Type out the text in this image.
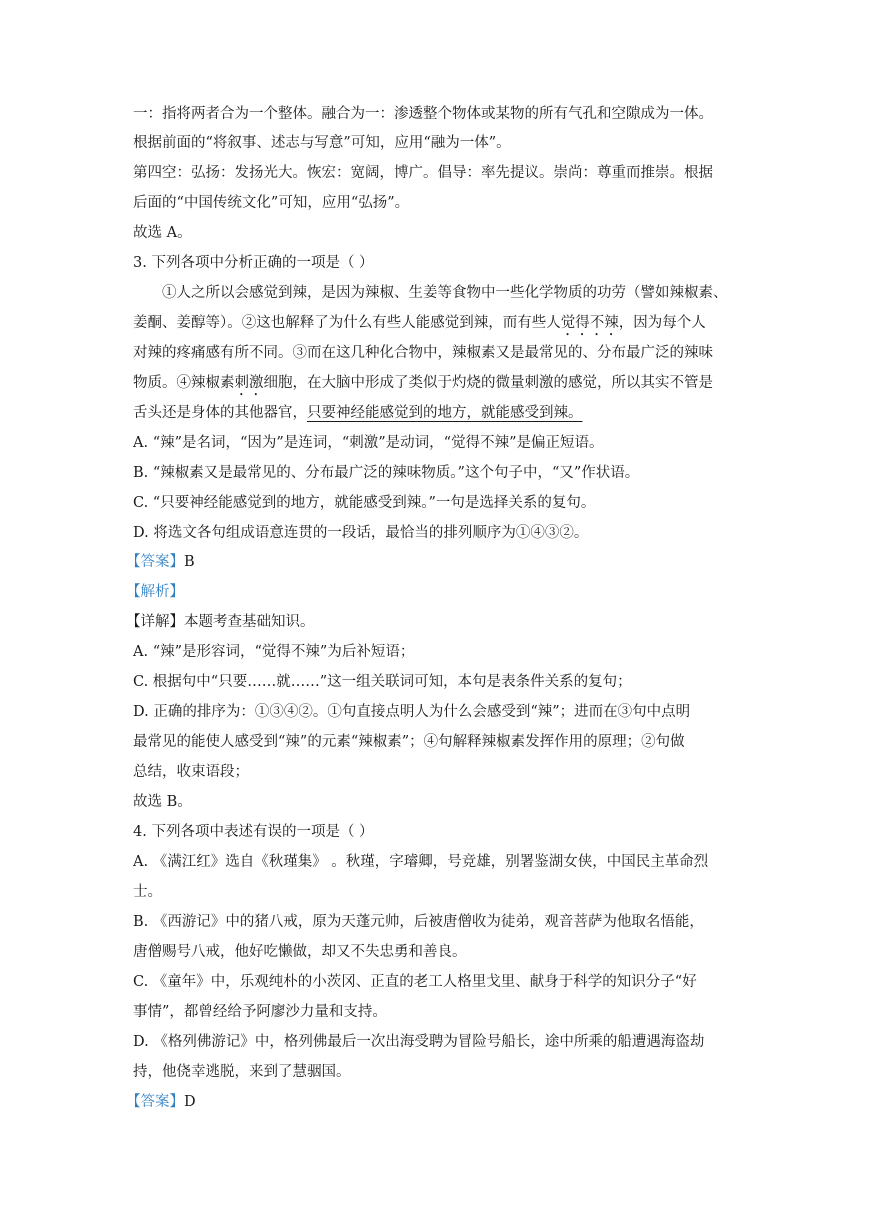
一：指将两者合为一个整体。融合为一：渗透整个物体或某物的所有气孔和空隙成为一体。
根据前面的“将叙事、述志与写意”可知，应用“融为一体”。
第四空：弘扬：发扬光大。恢宏：宽阔，博广。倡导：率先提议。崇尚：尊重而推崇。根据
后面的“中国传统文化”可知，应用“弘扬”。
故选 A。
3. 下列各项中分析正确的一项是（ ）
①人之所以会感觉到辣，是因为辣椒、生姜等食物中一些化学物质的功劳（譬如辣椒素、
姜酮、姜醇等）。②这也解释了为什么有些人能感觉到辣，而有些人觉得不辣，因为每个人
对辣的疼痛感有所不同。③而在这几种化合物中，辣椒素又是最常见的、分布最广泛的辣味
物质。④辣椒素刺激细胞，在大脑中形成了类似于灼烧的微量刺激的感觉，所以其实不管是
舌头还是身体的其他器官，只要神经能感觉到的地方，就能感受到辣。
A. “辣”是名词，“因为”是连词，“刺激”是动词，“觉得不辣”是偏正短语。
B. “辣椒素又是最常见的、分布最广泛的辣味物质。”这个句子中，“又”作状语。
C. “只要神经能感觉到的地方，就能感受到辣。”一句是选择关系的复句。
D. 将选文各句组成语意连贯的一段话，最恰当的排列顺序为①④③②。
【答案】B
【解析】
【详解】本题考查基础知识。
A. “辣”是形容词，“觉得不辣”为后补短语；
C. 根据句中“只要……就……”这一组关联词可知，本句是表条件关系的复句；
D. 正确的排序为：①③④②。①句直接点明人为什么会感受到“辣”；进而在③句中点明
最常见的能使人感受到“辣”的元素“辣椒素”；④句解释辣椒素发挥作用的原理；②句做
总结，收束语段；
故选 B。
4. 下列各项中表述有误的一项是（ ）
A. 《满江红》选自《秋瑾集》 。秋瑾，字璿卿，号竞雄，别署鉴湖女侠，中国民主革命烈
士。
B. 《西游记》中的猪八戒，原为天蓬元帅，后被唐僧收为徒弟，观音菩萨为他取名悟能，
唐僧赐号八戒，他好吃懒做，却又不失忠勇和善良。
C. 《童年》中，乐观纯朴的小茨冈、正直的老工人格里戈里、献身于科学的知识分子“好
事情”，都曾经给予阿廖沙力量和支持。
D. 《格列佛游记》中，格列佛最后一次出海受聘为冒险号船长，途中所乘的船遭遇海盗劫
持，他侥幸逃脱，来到了慧骃国。
【答案】D
